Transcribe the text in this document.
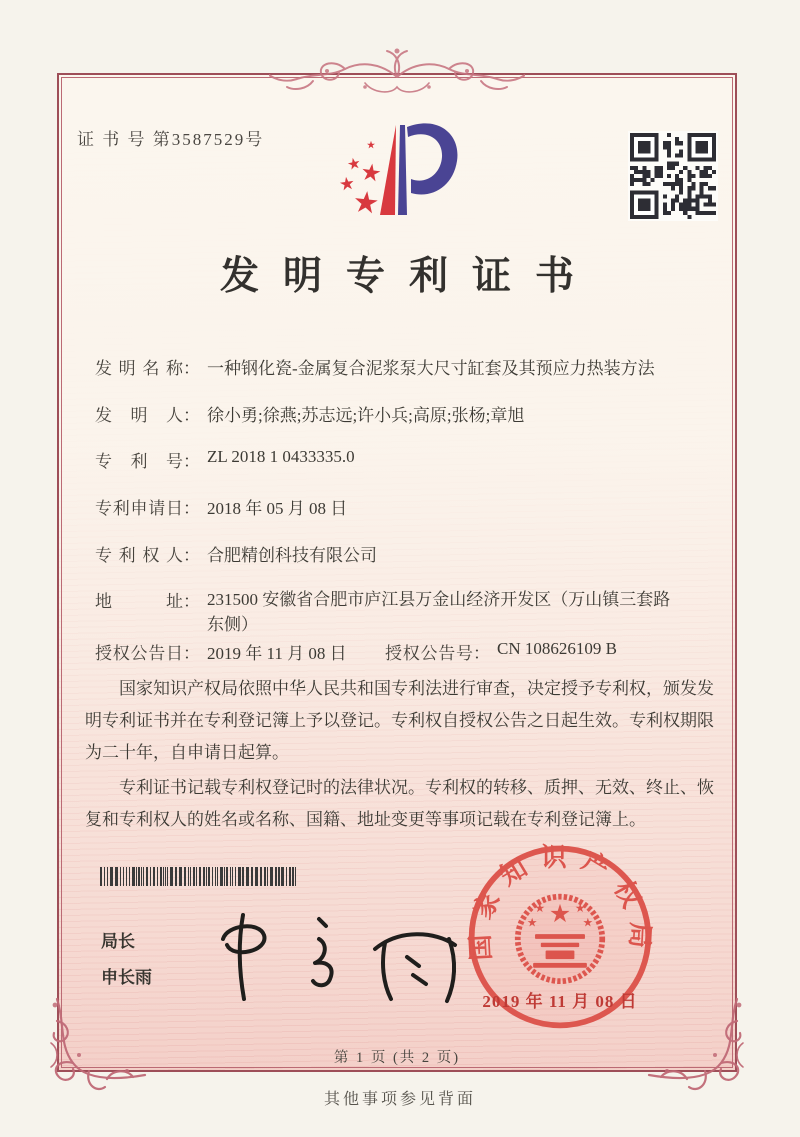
证 书 号 第3587529号
发明专利证书
发明名称 ： 一种钢化瓷-金属复合泥浆泵大尺寸缸套及其预应力热装方法
发明人 ： 徐小勇;徐燕;苏志远;许小兵;高原;张杨;章旭
专利号 ： ZL 2018 1 0433335.0
专利申请日 ： 2018 年 05 月 08 日
专利权人 ： 合肥精创科技有限公司
地址 ： 231500 安徽省合肥市庐江县万金山经济开发区（万山镇三套路东侧）
授权公告日 ： 2019 年 11 月 08 日 授权公告号 ： CN 108626109 B

国家知识产权局依照中华人民共和国专利法进行审查，决定授予专利权，颁发发明专利证书并在专利登记簿上予以登记。专利权自授权公告之日起生效。专利权期限为二十年，自申请日起算。

专利证书记载专利权登记时的法律状况。专利权的转移、质押、无效、终止、恢复和专利权人的姓名或名称、国籍、地址变更等事项记载在专利登记簿上。

局长
申长雨
国家知识产权局
2019 年 11 月 08 日
第 1 页 (共 2 页)
其他事项参见背面
